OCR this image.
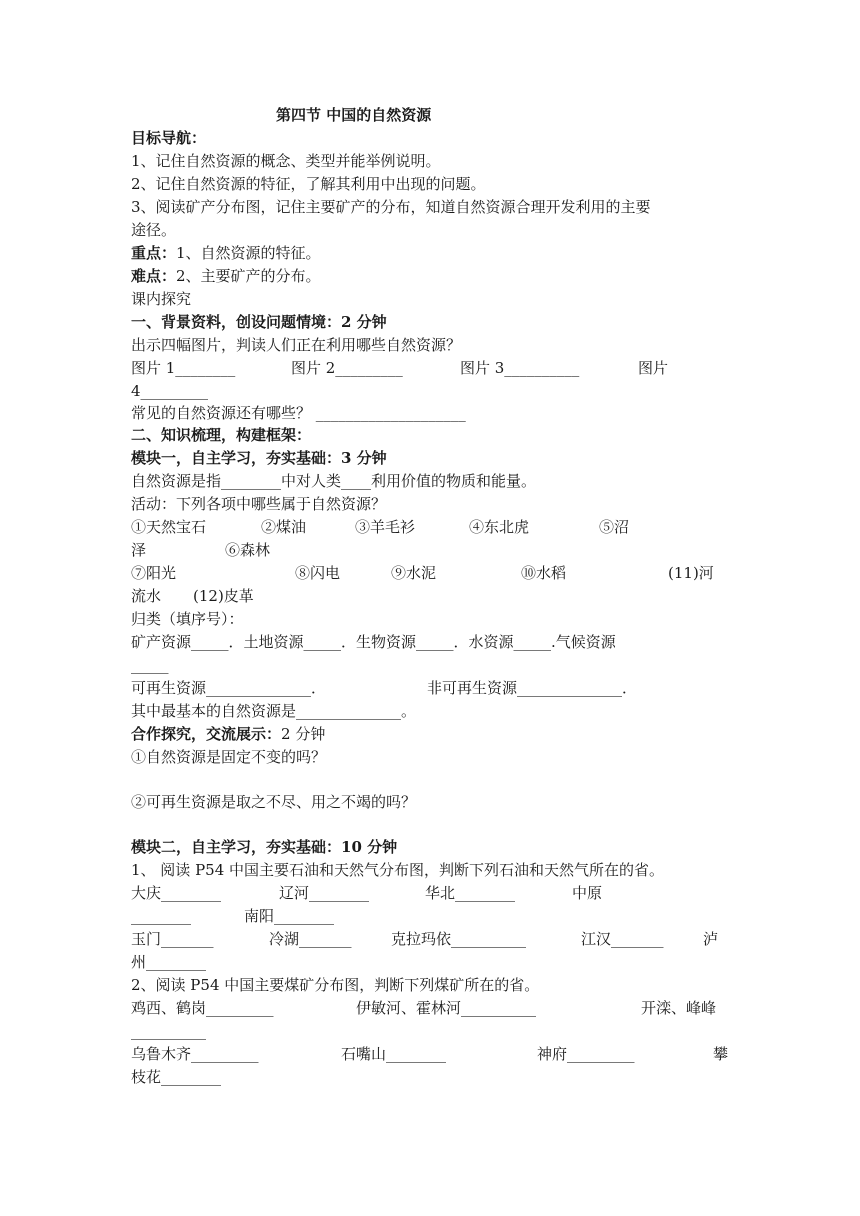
第四节 中国的自然资源
目标导航：
1、记住自然资源的概念、类型并能举例说明。
2、记住自然资源的特征，了解其利用中出现的问题。
3、阅读矿产分布图，记住主要矿产的分布，知道自然资源合理开发利用的主要
途径。
重点：1、自然资源的特征。
难点：2、主要矿产的分布。
课内探究
一、背景资料，创设问题情境：2 分钟
出示四幅图片，判读人们正在利用哪些自然资源？
图片 1________	图片 2_________	图片 3__________	图片
4_________
常见的自然资源还有哪些？ ____________________
二、知识梳理，构建框架：
模块一，自主学习，夯实基础：3 分钟
自然资源是指________中对人类____利用价值的物质和能量。
活动：下列各项中哪些属于自然资源？
①天然宝石	②煤油	③羊毛衫	④东北虎	⑤沼
泽	⑥森林
⑦阳光	⑧闪电	⑨水泥	⑩水稻	(11)河
流水 (12)皮革
归类（填序号）：
矿产资源_____．土地资源_____．生物资源_____．水资源_____.气候资源
_____
可再生资源______________．	非可再生资源______________．
其中最基本的自然资源是______________。
合作探究，交流展示：2 分钟
①自然资源是固定不变的吗？
②可再生资源是取之不尽、用之不竭的吗？
模块二，自主学习，夯实基础：10 分钟
1、 阅读 P54 中国主要石油和天然气分布图，判断下列石油和天然气所在的省。
大庆________	辽河________	华北________	中原
________	南阳________
玉门_______	冷湖_______	克拉玛依__________	江汉_______	泸
州________
2、阅读 P54 中国主要煤矿分布图，判断下列煤矿所在的省。
鸡西、鹤岗_________	伊敏河、霍林河__________	开滦、峰峰
__________
乌鲁木齐_________	石嘴山________	神府_________	攀
枝花________
